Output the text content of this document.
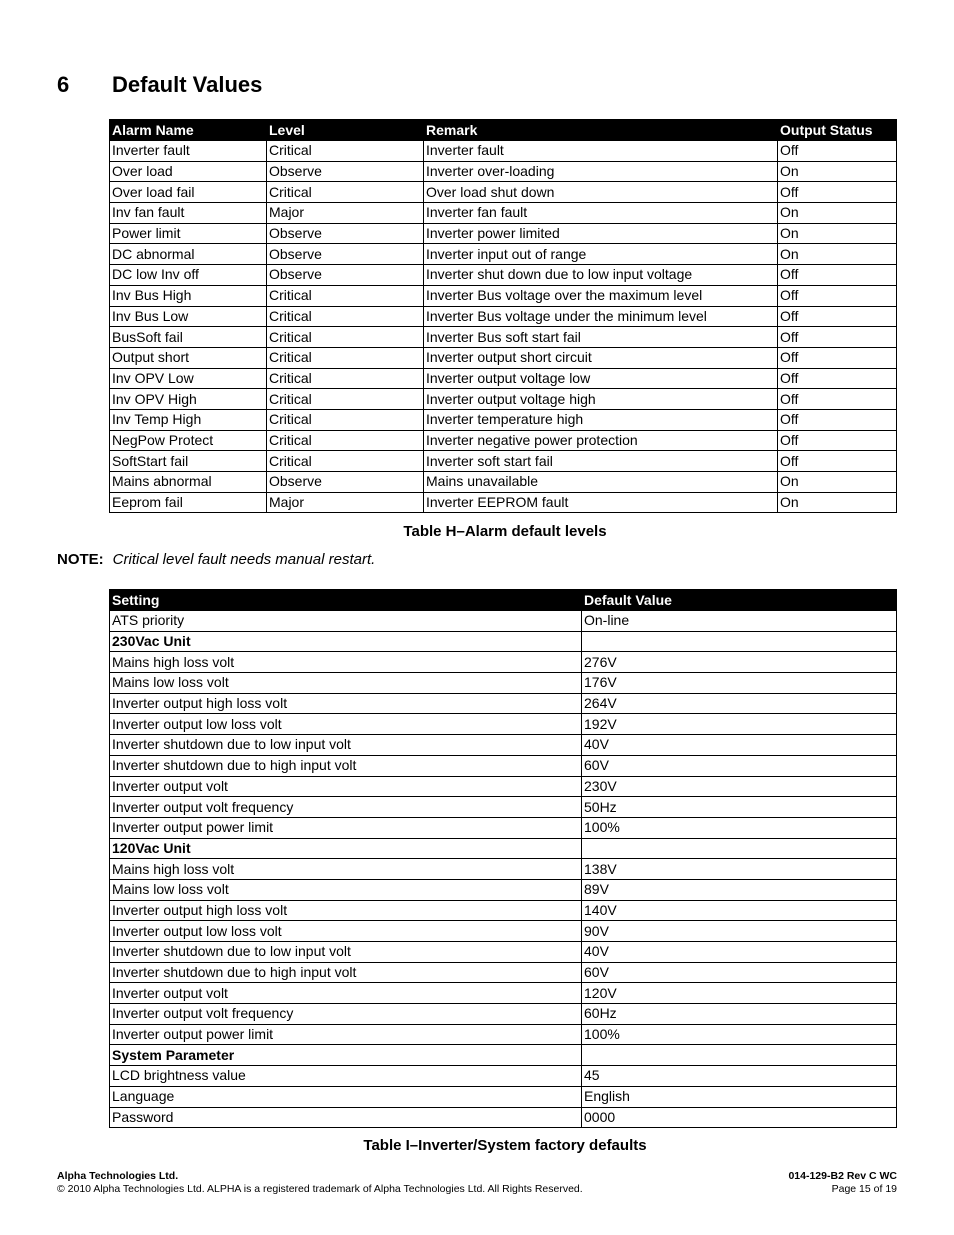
6 Default Values
Alarm Name	Level	Remark	Output Status
Inverter fault	Critical	Inverter fault	Off
Over load	Observe	Inverter over-loading	On
Over load fail	Critical	Over load shut down	Off
Inv fan fault	Major	Inverter fan fault	On
Power limit	Observe	Inverter power limited	On
DC abnormal	Observe	Inverter input out of range	On
DC low Inv off	Observe	Inverter shut down due to low input voltage	Off
Inv Bus High	Critical	Inverter Bus voltage over the maximum level	Off
Inv Bus Low	Critical	Inverter Bus voltage under the minimum level	Off
BusSoft fail	Critical	Inverter Bus soft start fail	Off
Output short	Critical	Inverter output short circuit	Off
Inv OPV Low	Critical	Inverter output voltage low	Off
Inv OPV High	Critical	Inverter output voltage high	Off
Inv Temp High	Critical	Inverter temperature high	Off
NegPow Protect	Critical	Inverter negative power protection	Off
SoftStart fail	Critical	Inverter soft start fail	Off
Mains abnormal	Observe	Mains unavailable	On
Eeprom fail	Major	Inverter EEPROM fault	On
Table H–Alarm default levels
NOTE: Critical level fault needs manual restart.
Setting	Default Value
ATS priority	On-line
230Vac Unit	
Mains high loss volt	276V
Mains low loss volt	176V
Inverter output high loss volt	264V
Inverter output low loss volt	192V
Inverter shutdown due to low input volt	40V
Inverter shutdown due to high input volt	60V
Inverter output volt	230V
Inverter output volt frequency	50Hz
Inverter output power limit	100%
120Vac Unit	
Mains high loss volt	138V
Mains low loss volt	89V
Inverter output high loss volt	140V
Inverter output low loss volt	90V
Inverter shutdown due to low input volt	40V
Inverter shutdown due to high input volt	60V
Inverter output volt	120V
Inverter output volt frequency	60Hz
Inverter output power limit	100%
System Parameter	
LCD brightness value	45
Language	English
Password	0000
Table I–Inverter/System factory defaults
Alpha Technologies Ltd.
© 2010 Alpha Technologies Ltd. ALPHA is a registered trademark of Alpha Technologies Ltd. All Rights Reserved.
014-129-B2 Rev C WC
Page 15 of 19
